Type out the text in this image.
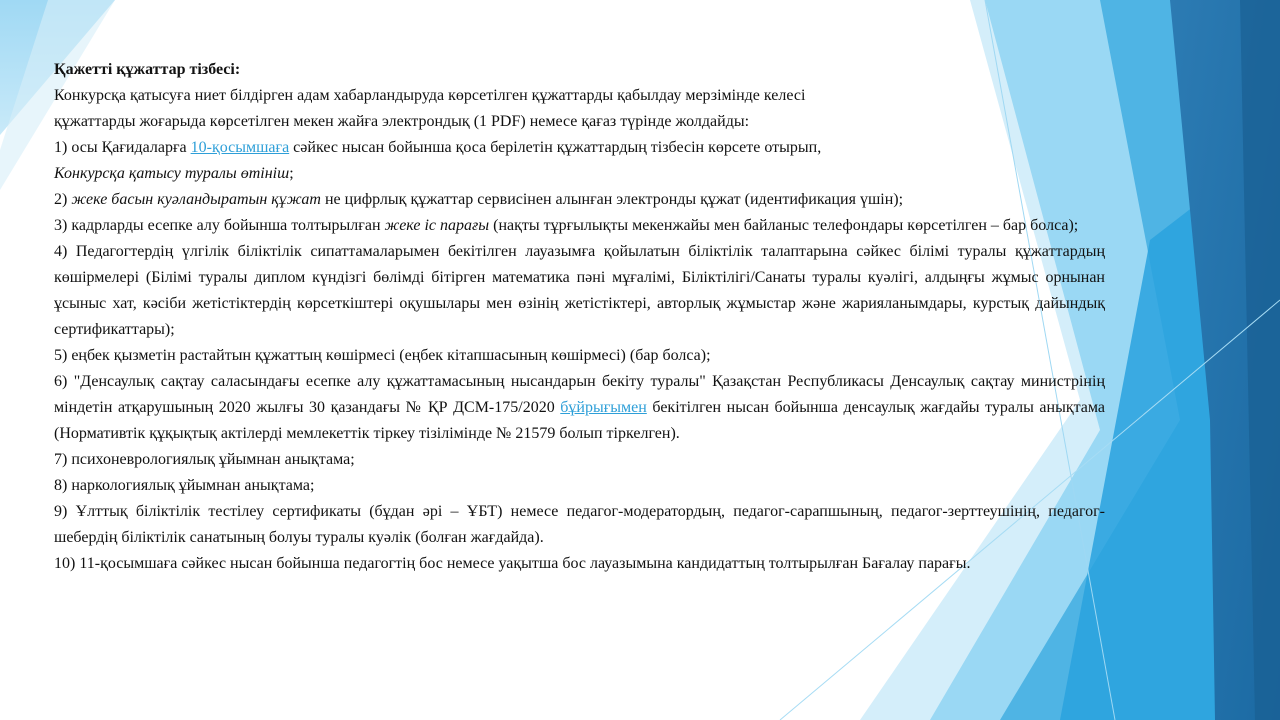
Қажетті құжаттар тізбесі:
Конкурсқа қатысуға ниет білдірген адам хабарландыруда көрсетілген құжаттарды қабылдау мерзімінде келесі
құжаттарды жоғарыда көрсетілген мекен жайға электрондық (1 PDF) немесе қағаз түрінде жолдайды:
1) осы Қағидаларға 10-қосымшаға сәйкес нысан бойынша қоса берілетін құжаттардың тізбесін көрсете отырып,
Конкурсқа қатысу туралы өтініш;
2) жеке басын куәландыратын құжат не цифрлық құжаттар сервисінен алынған электронды құжат (идентификация үшін);
3) кадрларды есепке алу бойынша толтырылған жеке іс парағы (нақты тұрғылықты мекенжайы мен байланыс телефондары көрсетілген – бар болса);
4) Педагогтердің үлгілік біліктілік сипаттамаларымен бекітілген лауазымға қойылатын біліктілік талаптарына сәйкес білімі туралы құжаттардың көшірмелері (Білімі туралы диплом күндізгі бөлімді бітірген математика пәні мұғалімі, Біліктілігі/Санаты туралы куәлігі, алдыңғы жұмыс орнынан ұсыныс хат, кәсіби жетістіктердің көрсеткіштері оқушылары мен өзінің жетістіктері, авторлық жұмыстар және жарияланымдары, курстық дайындық сертификаттары);
5) еңбек қызметін растайтын құжаттың көшірмесі (еңбек кітапшасының көшірмесі) (бар болса);
6) "Денсаулық сақтау саласындағы есепке алу құжаттамасының нысандарын бекіту туралы" Қазақстан Республикасы Денсаулық сақтау министрінің міндетін атқарушының 2020 жылғы 30 қазандағы № ҚР ДСМ-175/2020 бұйрығымен бекітілген нысан бойынша денсаулық жағдайы туралы анықтама (Нормативтік құқықтық актілерді мемлекеттік тіркеу тізілімінде № 21579 болып тіркелген).
7) психоневрологиялық ұйымнан анықтама;
8) наркологиялық ұйымнан анықтама;
9) Ұлттық біліктілік тестілеу сертификаты (бұдан әрі – ҰБТ) немесе педагог-модератордың, педагог-сарапшының, педагог-зерттеушінің, педагог-шебердің біліктілік санатының болуы туралы куәлік (болған жағдайда).
10) 11-қосымшаға сәйкес нысан бойынша педагогтің бос немесе уақытша бос лауазымына кандидаттың толтырылған Бағалау парағы.
